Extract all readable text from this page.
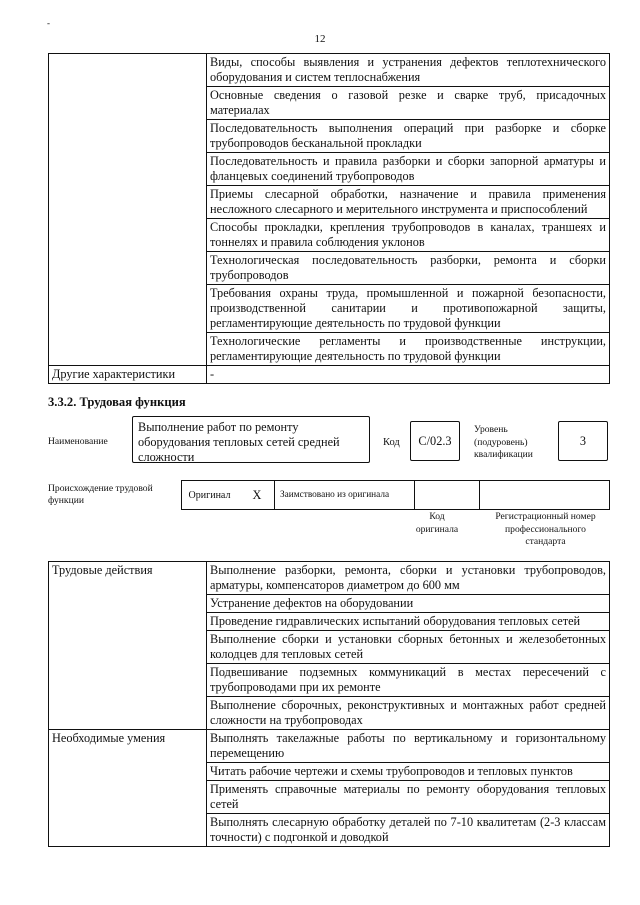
-
12
	Виды, способы выявления и устранения дефектов теплотехнического оборудования и систем теплоснабжения
	Основные сведения о газовой резке и сварке труб, присадочных материалах
	Последовательность выполнения операций при разборке и сборке трубопроводов бесканальной прокладки
	Последовательность и правила разборки и сборки запорной арматуры и фланцевых соединений трубопроводов
	Приемы слесарной обработки, назначение и правила применения несложного слесарного и мерительного инструмента и приспособлений
	Способы прокладки, крепления трубопроводов в каналах, траншеях и тоннелях и правила соблюдения уклонов
	Технологическая последовательность разборки, ремонта и сборки трубопроводов
	Требования охраны труда, промышленной и пожарной безопасности, производственной санитарии и противопожарной защиты, регламентирующие деятельность по трудовой функции
	Технологические регламенты и производственные инструкции, регламентирующие деятельность по трудовой функции
Другие характеристики	-
3.3.2. Трудовая функция
Наименование
Выполнение работ по ремонту оборудования тепловых сетей средней сложности
Код	С/02.3
Уровень
(подуровень)
квалификации
3
Происхождение трудовой
функции	Оригинал	X	Заимствовано из оригинала
Код
оригинала
Регистрационный номер
профессионального
стандарта
Трудовые действия	Выполнение разборки, ремонта, сборки и установки трубопроводов, арматуры, компенсаторов диаметром до 600 мм
	Устранение дефектов на оборудовании
	Проведение гидравлических испытаний оборудования тепловых сетей
	Выполнение сборки и установки сборных бетонных и железобетонных колодцев для тепловых сетей
	Подвешивание подземных коммуникаций в местах пересечений с трубопроводами при их ремонте
	Выполнение сборочных, реконструктивных и монтажных работ средней сложности на трубопроводах
Необходимые умения	Выполнять такелажные работы по вертикальному и горизонтальному перемещению
	Читать рабочие чертежи и схемы трубопроводов и тепловых пунктов
	Применять справочные материалы по ремонту оборудования тепловых сетей
	Выполнять слесарную обработку деталей по 7-10 квалитетам (2-3 классам точности) с подгонкой и доводкой
